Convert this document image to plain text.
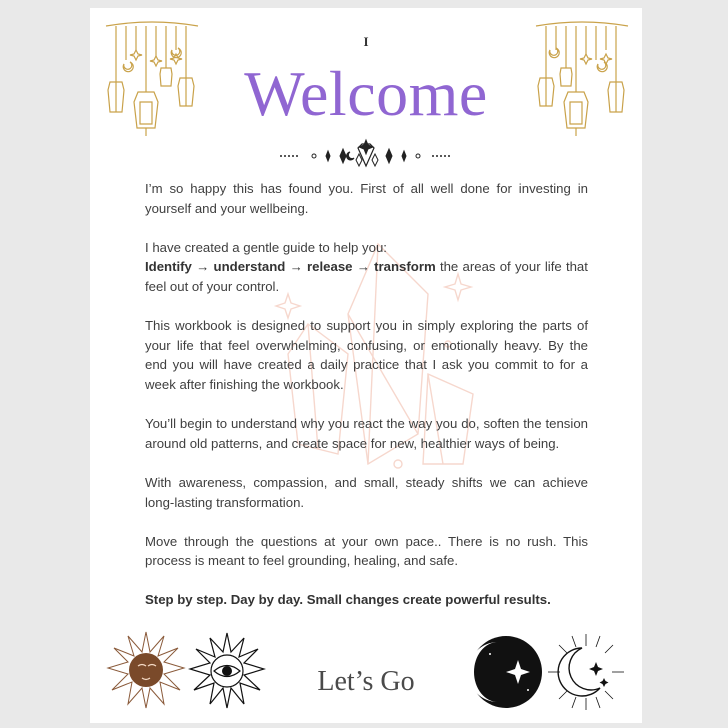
I
Welcome

I’m so happy this has found you. First of all well done for investing in yourself and your wellbeing.

I have created a gentle guide to help you:

Identify → understand → release → transform the areas of your life that feel out of your control.

This workbook is designed to support you in simply exploring the parts of your life that feel overwhelming, confusing, or emotionally heavy. By the end you will have created a daily practice that I ask you commit to for a week after finishing the workbook.

You’ll begin to understand why you react the way you do, soften the tension around old patterns, and create space for new, healthier ways of being.

With awareness, compassion, and small, steady shifts we can achieve long-lasting transformation.

Move through the questions at your own pace.. There is no rush. This process is meant to feel grounding, healing, and safe.

Step by step. Day by day. Small changes create powerful results.

Let’s Go
